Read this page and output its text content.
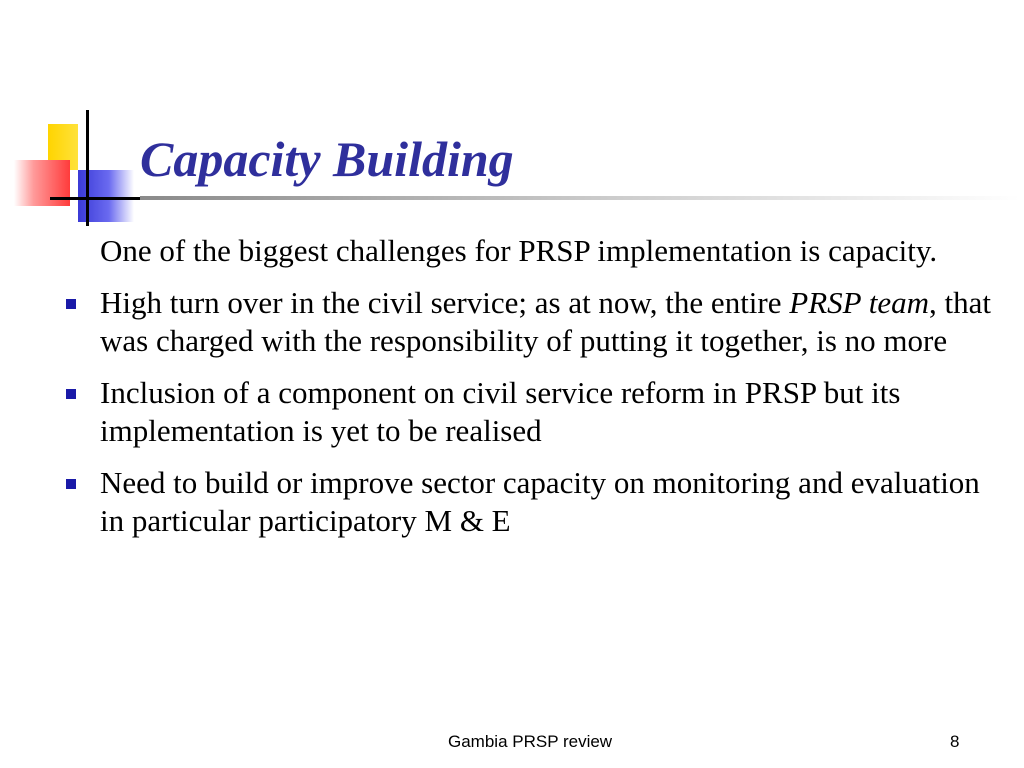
Capacity Building
One of the biggest challenges for PRSP implementation is capacity.
High turn over in the civil service; as at now, the entire PRSP team, that was charged with the responsibility of putting it together, is no more
Inclusion of a component on civil service reform in PRSP but its implementation is yet to be realised
Need to build or improve sector capacity on monitoring and evaluation in particular participatory M & E
Gambia PRSP review	8
